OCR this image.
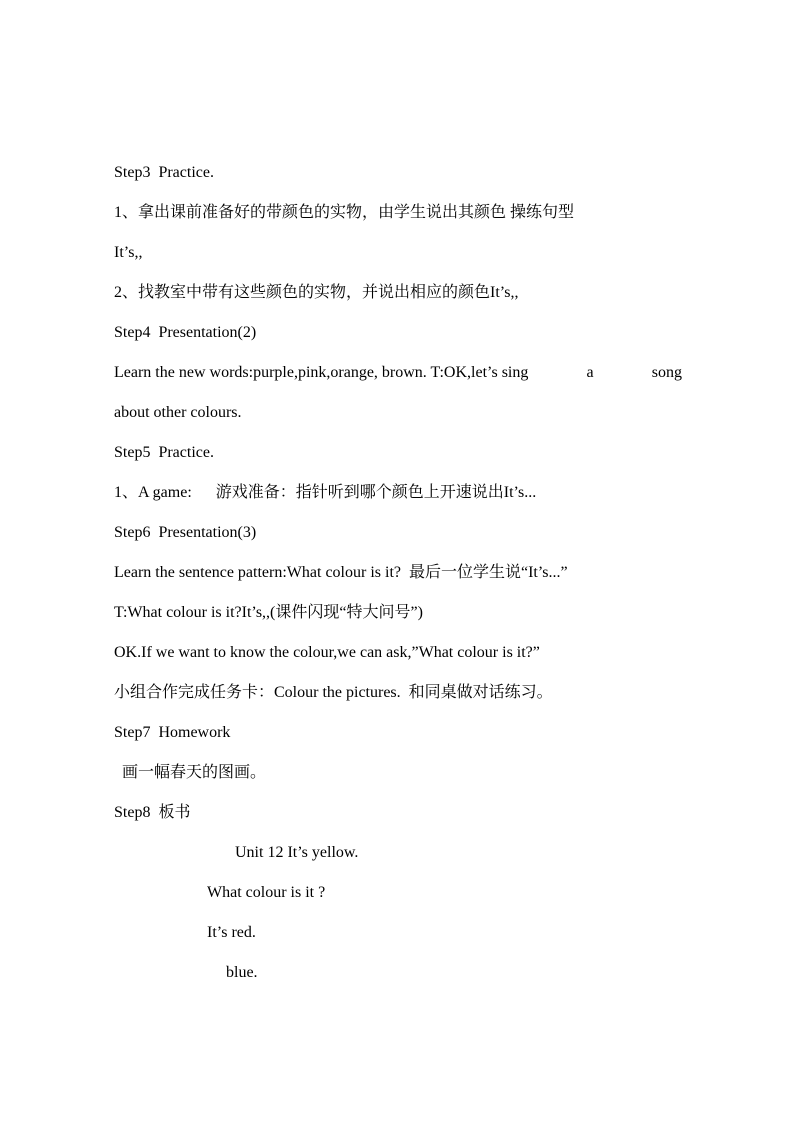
Step3  Practice.
1、拿出课前准备好的带颜色的实物，由学生说出其颜色 操练句型
It’s,,
2、找教室中带有这些颜色的实物，并说出相应的颜色It’s,,
Step4  Presentation(2)
Learn the new words:purple,pink,orange, brown. T:OK,let’s sing	a	song
about other colours.
Step5  Practice.
1、A game:      游戏准备：指针听到哪个颜色上开速说出It’s...
Step6  Presentation(3)
Learn the sentence pattern:What colour is it?  最后一位学生说“It’s...”
T:What colour is it?It’s,,(课件闪现“特大问号”)
OK.If we want to know the colour,we can ask,”What colour is it?”
小组合作完成任务卡：Colour the pictures.  和同桌做对话练习。
Step7  Homework
画一幅春天的图画。
Step8  板书
Unit 12 It’s yellow.
What colour is it ?
It’s red.
blue.
